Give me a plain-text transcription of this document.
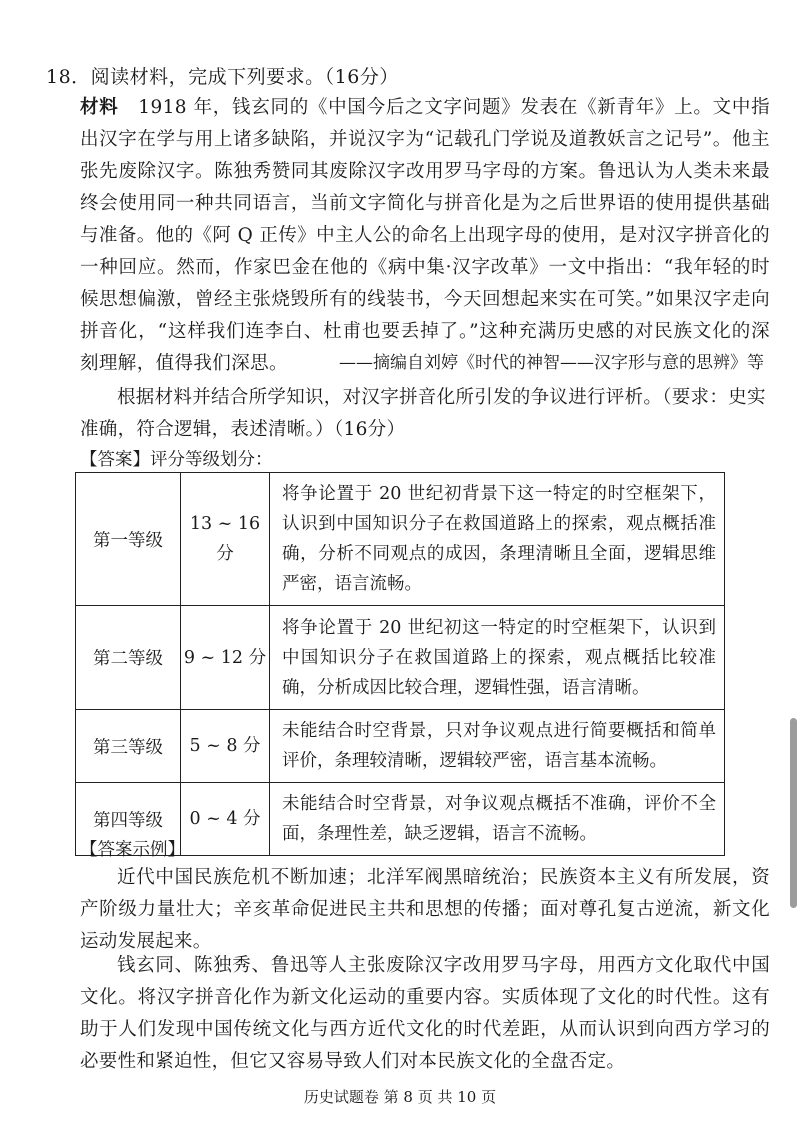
18．阅读材料，完成下列要求。（16分）
材料 1918 年，钱玄同的《中国今后之文字问题》发表在《新青年》上。文中指出汉字在学与用上诸多缺陷，并说汉字为“记载孔门学说及道教妖言之记号”。他主张先废除汉字。陈独秀赞同其废除汉字改用罗马字母的方案。鲁迅认为人类未来最终会使用同一种共同语言，当前文字简化与拼音化是为之后世界语的使用提供基础与准备。他的《阿 Q 正传》中主人公的命名上出现字母的使用，是对汉字拼音化的一种回应。然而，作家巴金在他的《病中集·汉字改革》一文中指出：“我年轻的时候思想偏激，曾经主张烧毁所有的线装书，今天回想起来实在可笑。”如果汉字走向拼音化，“这样我们连李白、杜甫也要丢掉了。”这种充满历史感的对民族文化的深刻理解，值得我们深思。	——摘编自刘婷《时代的神智——汉字形与意的思辨》等
根据材料并结合所学知识，对汉字拼音化所引发的争议进行评析。（要求：史实准确，符合逻辑，表述清晰。）（16分）
【答案】评分等级划分：
第一等级	13 ~ 16 分	将争论置于 20 世纪初背景下这一特定的时空框架下，认识到中国知识分子在救国道路上的探索，观点概括准确，分析不同观点的成因，条理清晰且全面，逻辑思维严密，语言流畅。
第二等级	9 ~ 12 分	将争论置于 20 世纪初这一特定的时空框架下，认识到中国知识分子在救国道路上的探索，观点概括比较准确，分析成因比较合理，逻辑性强，语言清晰。
第三等级	5 ~ 8 分	未能结合时空背景，只对争议观点进行简要概括和简单评价，条理较清晰，逻辑较严密，语言基本流畅。
第四等级	0 ~ 4 分	未能结合时空背景，对争议观点概括不准确，评价不全面，条理性差，缺乏逻辑，语言不流畅。
【答案示例】
近代中国民族危机不断加速；北洋军阀黑暗统治；民族资本主义有所发展，资产阶级力量壮大；辛亥革命促进民主共和思想的传播；面对尊孔复古逆流，新文化运动发展起来。
钱玄同、陈独秀、鲁迅等人主张废除汉字改用罗马字母，用西方文化取代中国文化。将汉字拼音化作为新文化运动的重要内容。实质体现了文化的时代性。这有助于人们发现中国传统文化与西方近代文化的时代差距，从而认识到向西方学习的必要性和紧迫性，但它又容易导致人们对本民族文化的全盘否定。
历史试题卷 第 8 页 共 10 页
